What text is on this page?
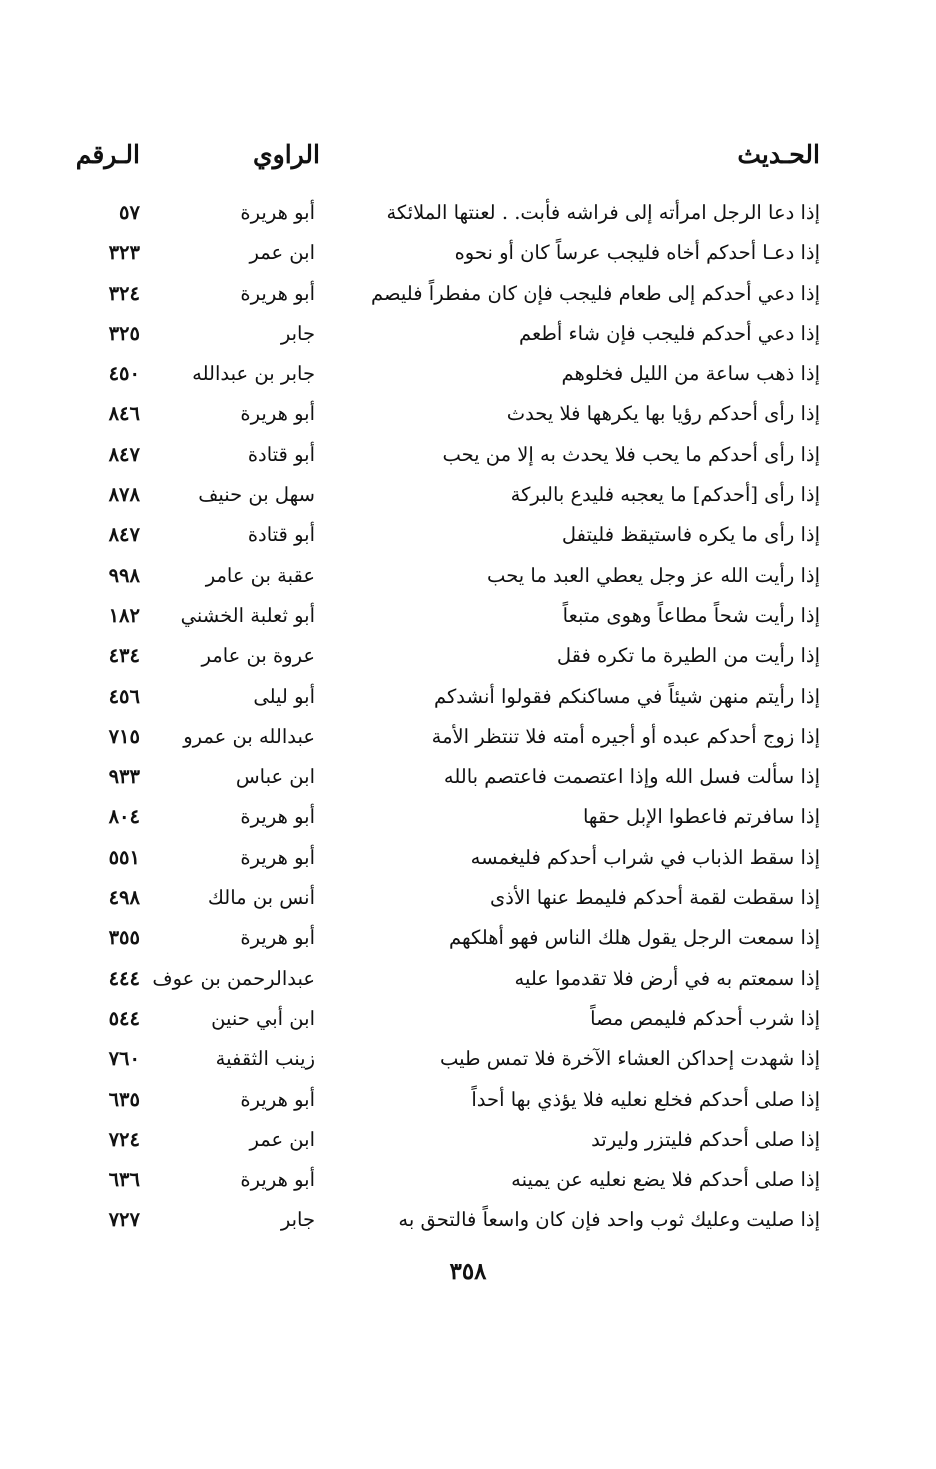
الحـديث
الراوي
الـرقم
إذا دعا الرجل امرأته إلى فراشه فأبت. . لعنتها الملائكة
أبو هريرة
٥٧
إذا دعـا أحدكم أخاه فليجب عرساً كان أو نحوه
ابن عمر
٣٢٣
إذا دعي أحدكم إلى طعام فليجب فإن كان مفطراً فليصم
أبو هريرة
٣٢٤
إذا دعي أحدكم فليجب فإن شاء أطعم
جابر
٣٢٥
إذا ذهب ساعة من الليل فخلوهم
جابر بن عبدالله
٤٥٠
إذا رأى أحدكم رؤيا بها يكرهها فلا يحدث
أبو هريرة
٨٤٦
إذا رأى أحدكم ما يحب فلا يحدث به إلا من يحب
أبو قتادة
٨٤٧
إذا رأى [أحدكم] ما يعجبه فليدع بالبركة
سهل بن حنيف
٨٧٨
إذا رأى ما يكره فاستيقظ فليتفل
أبو قتادة
٨٤٧
إذا رأيت الله عز وجل يعطي العبد ما يحب
عقبة بن عامر
٩٩٨
إذا رأيت شحاً مطاعاً وهوى متبعاً
أبو ثعلبة الخشني
١٨٢
إذا رأيت من الطيرة ما تكره فقل
عروة بن عامر
٤٣٤
إذا رأيتم منهن شيئاً في مساكنكم فقولوا أنشدكم
أبو ليلى
٤٥٦
إذا زوج أحدكم عبده أو أجيره أمته فلا تنتظر الأمة
عبدالله بن عمرو
٧١٥
إذا سألت فسل الله وإذا اعتصمت فاعتصم بالله
ابن عباس
٩٣٣
إذا سافرتم فاعطوا الإبل حقها
أبو هريرة
٨٠٤
إذا سقط الذباب في شراب أحدكم فليغمسه
أبو هريرة
٥٥١
إذا سقطت لقمة أحدكم فليمط عنها الأذى
أنس بن مالك
٤٩٨
إذا سمعت الرجل يقول هلك الناس فهو أهلكهم
أبو هريرة
٣٥٥
إذا سمعتم به في أرض فلا تقدموا عليه
عبدالرحمن بن عوف
٤٤٤
إذا شرب أحدكم فليمص مصاً
ابن أبي حنين
٥٤٤
إذا شهدت إحداكن العشاء الآخرة فلا تمس طيب
زينب الثقفية
٧٦٠
إذا صلى أحدكم فخلع نعليه فلا يؤذي بها أحداً
أبو هريرة
٦٣٥
إذا صلى أحدكم فليتزر وليرتد
ابن عمر
٧٢٤
إذا صلى أحدكم فلا يضع نعليه عن يمينه
أبو هريرة
٦٣٦
إذا صليت وعليك ثوب واحد فإن كان واسعاً فالتحق به
جابر
٧٢٧
٣٥٨
